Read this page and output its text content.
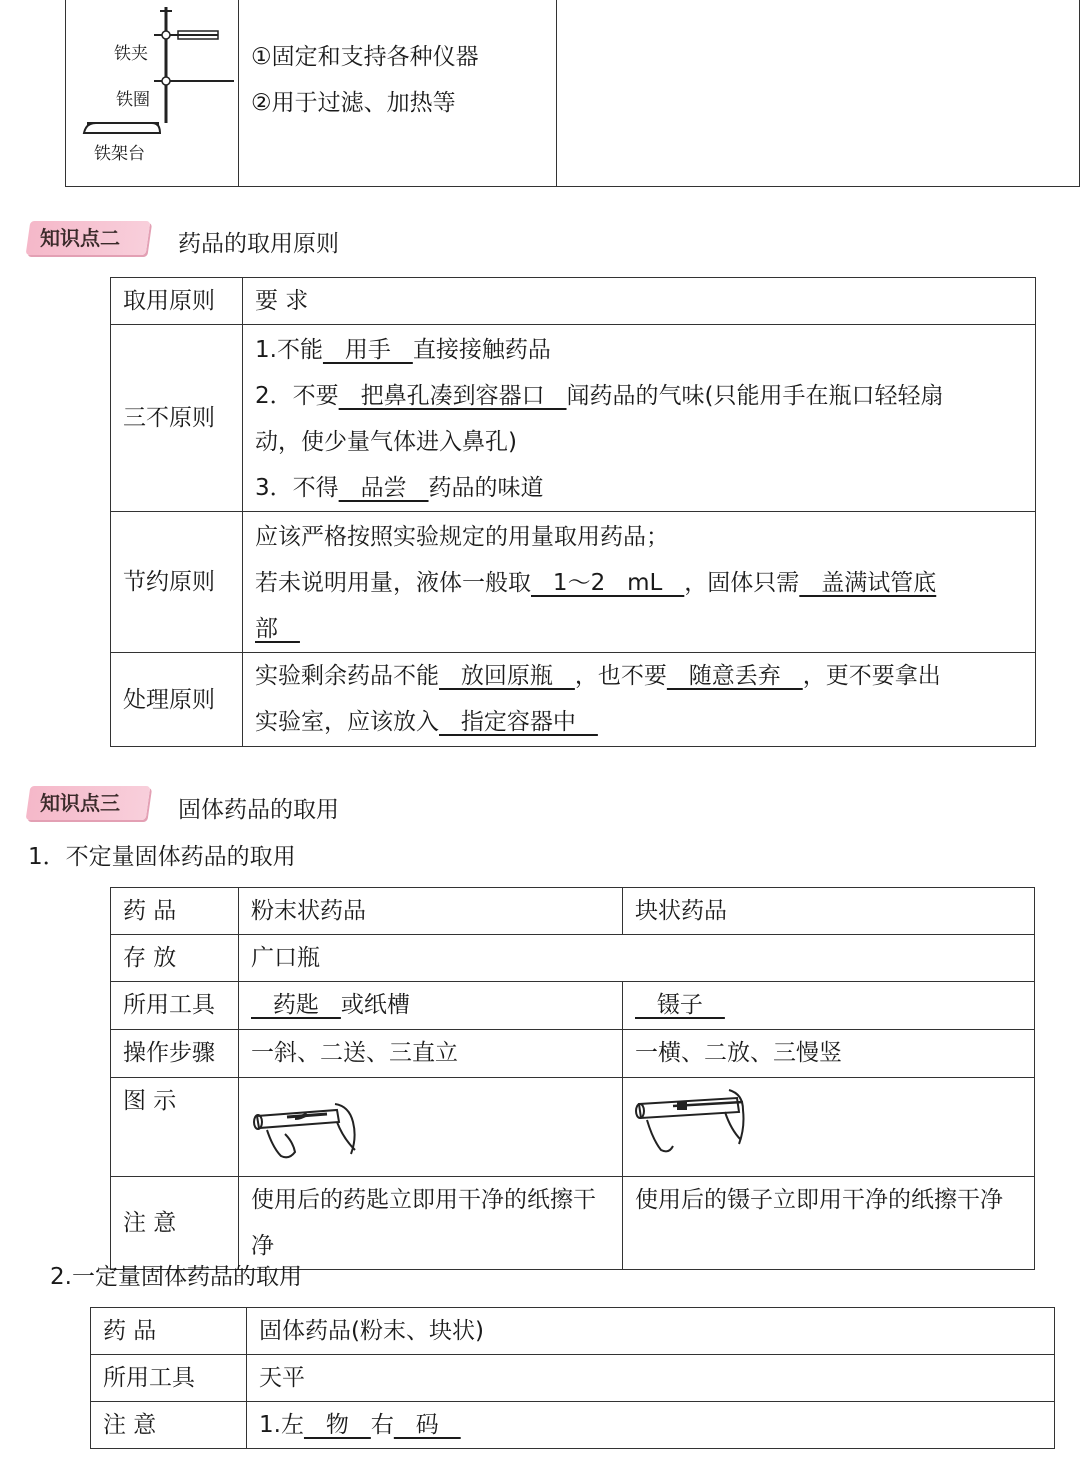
铁夹
铁圈
铁架台

①固定和支持各种仪器
②用于过滤、加热等

知识点二	药品的取用原则
取用原则	要 求

三不原则	1.不能   用手   直接接触药品
2．不要   把鼻孔凑到容器口   闻药品的气味(只能用手在瓶口轻轻扇
动，使少量气体进入鼻孔)
3．不得   品尝   药品的味道

节约原则	应该严格按照实验规定的用量取用药品；
若未说明用量，液体一般取   1～2   mL   ，固体只需   盖满试管底
部

处理原则	实验剩余药品不能   放回原瓶   ，也不要   随意丢弃   ，更不要拿出
实验室，应该放入   指定容器中
知识点三	固体药品的取用
1．不定量固体药品的取用
药 品	粉末状药品	块状药品

存 放	广口瓶	

所用工具	药匙   或纸槽	镊子

操作步骤	一斜、二送、三直立	一横、二放、三慢竖

图 示

注 意	使用后的药匙立即用干净的纸擦干净	使用后的镊子立即用干净的纸擦干净
2.一定量固体药品的取用
药 品	固体药品(粉末、块状)

所用工具	天平

注 意	1.左   物   右   码
